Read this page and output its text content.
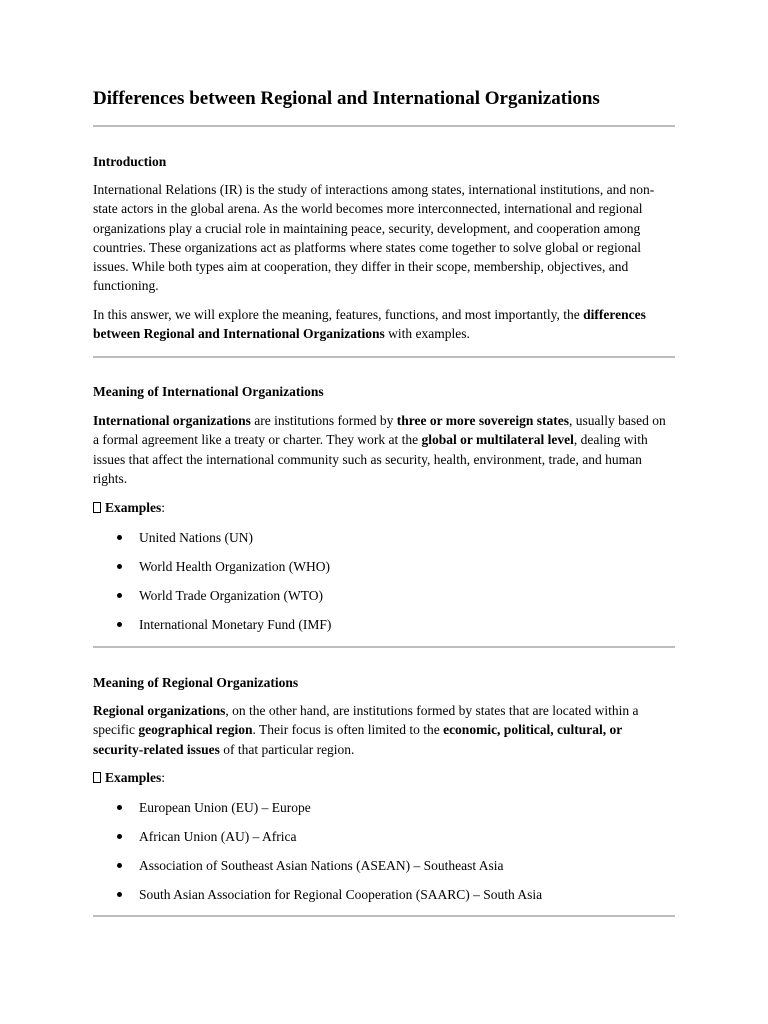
Differences between Regional and International Organizations
Introduction

International Relations (IR) is the study of interactions among states, international institutions, and non-state actors in the global arena. As the world becomes more interconnected, international and regional organizations play a crucial role in maintaining peace, security, development, and cooperation among countries. These organizations act as platforms where states come together to solve global or regional issues. While both types aim at cooperation, they differ in their scope, membership, objectives, and functioning.

In this answer, we will explore the meaning, features, functions, and most importantly, the differences between Regional and International Organizations with examples.

Meaning of International Organizations

International organizations are institutions formed by three or more sovereign states, usually based on a formal agreement like a treaty or charter. They work at the global or multilateral level, dealing with issues that affect the international community such as security, health, environment, trade, and human rights.

Examples:

United Nations (UN)
World Health Organization (WHO)
World Trade Organization (WTO)
International Monetary Fund (IMF)
Meaning of Regional Organizations

Regional organizations, on the other hand, are institutions formed by states that are located within a specific geographical region. Their focus is often limited to the economic, political, cultural, or security-related issues of that particular region.

Examples:

European Union (EU) – Europe
African Union (AU) – Africa
Association of Southeast Asian Nations (ASEAN) – Southeast Asia
South Asian Association for Regional Cooperation (SAARC) – South Asia
